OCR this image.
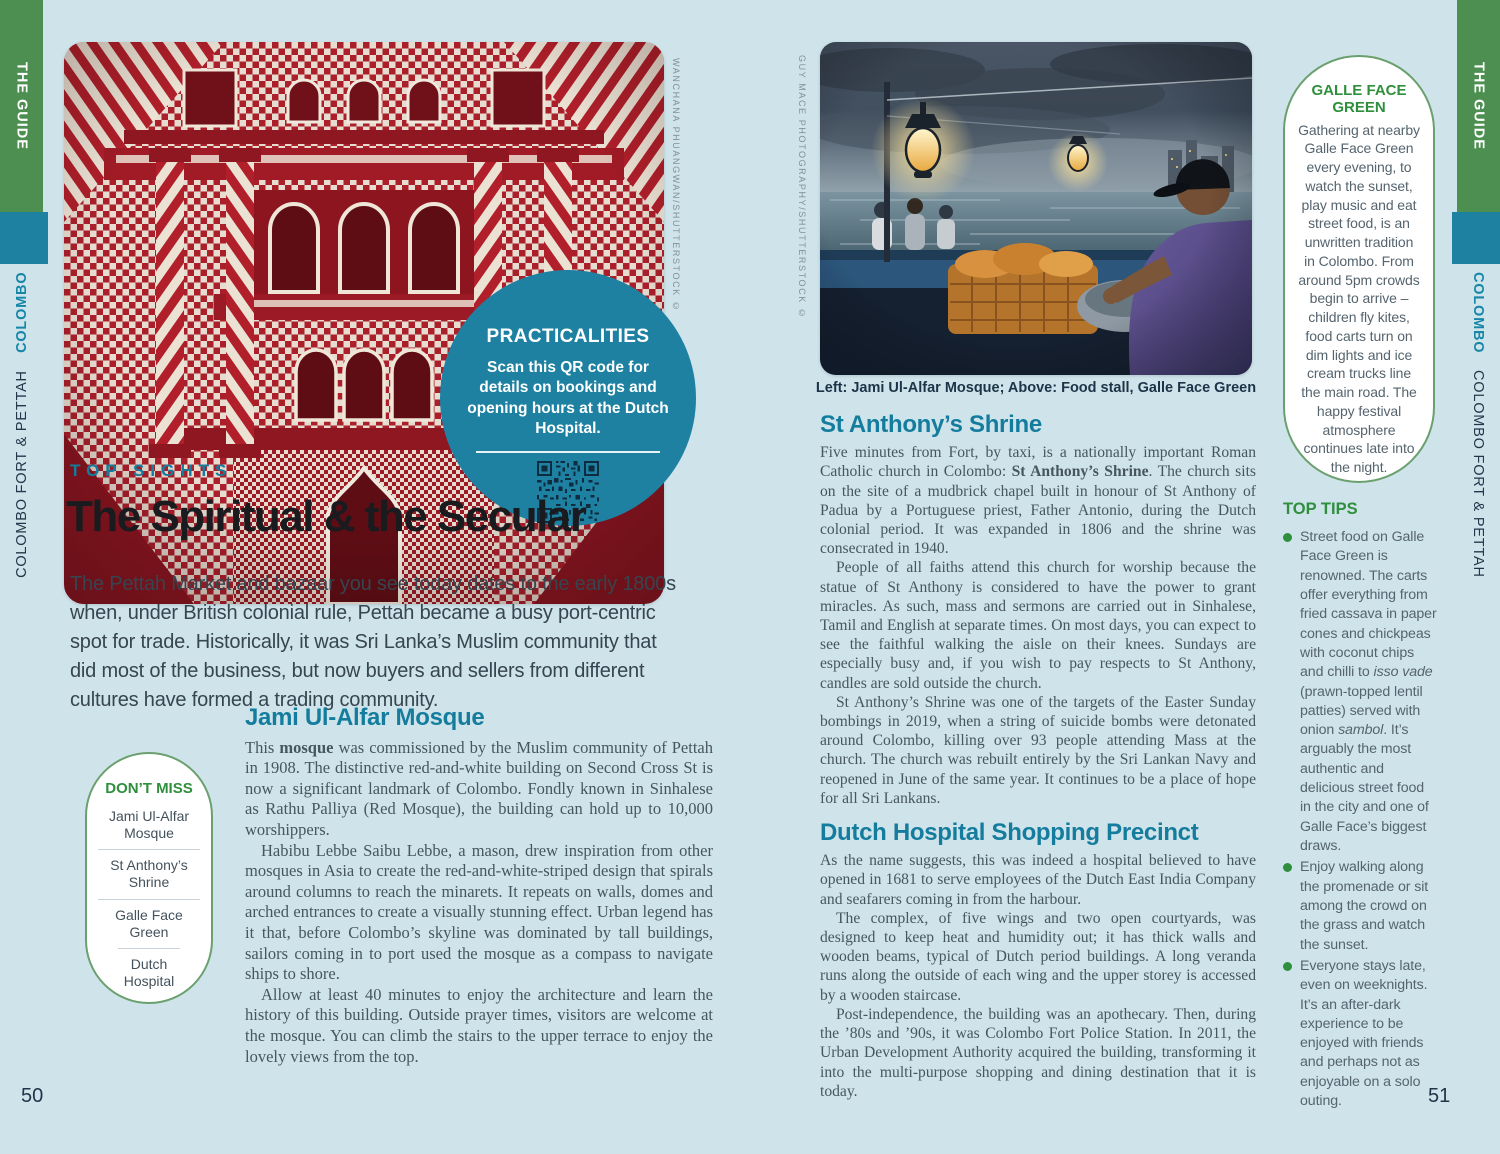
THE GUIDE
COLOMBO FORT & PETTAH COLOMBO
THE GUIDE
COLOMBO COLOMBO FORT & PETTAH
WANCHANA PHUANGWAN/SHUTTERSTOCK ©
PRACTICALITIES
Scan this QR code for details on bookings and opening hours at the Dutch Hospital.
TOP SIGHTS
The Spiritual & the Secular
The Pettah Market and bazaar you see today dates to the early 1800s when, under British colonial rule, Pettah became a busy port-centric spot for trade. Historically, it was Sri Lanka’s Muslim community that did most of the business, but now buyers and sellers from different cultures have formed a trading community.
Jami Ul-Alfar Mosque

This mosque was commissioned by the Muslim community of Pettah in 1908. The distinctive red-and-white building on Second Cross St is now a significant landmark of Colombo. Fondly known in Sinhalese as Rathu Palliya (Red Mosque), the building can hold up to 10,000 worshippers.

Habibu Lebbe Saibu Lebbe, a mason, drew inspiration from other mosques in Asia to create the red-and-white-striped design that spirals around columns to reach the minarets. It repeats on walls, domes and arched entrances to create a visually stunning effect. Urban legend has it that, before Colombo’s skyline was dominated by tall buildings, sailors coming in to port used the mosque as a compass to navigate ships to shore.

Allow at least 40 minutes to enjoy the architecture and learn the history of this building. Outside prayer times, visitors are welcome at the mosque. You can climb the stairs to the upper terrace to enjoy the lovely views from the top.

DON’T MISS
Jami Ul-Alfar Mosque
St Anthony’s Shrine
Galle Face Green
Dutch Hospital
GUY MACE PHOTOGRAPHY/SHUTTERSTOCK ©
Left: Jami Ul-Alfar Mosque; Above: Food stall, Galle Face Green
St Anthony’s Shrine

Five minutes from Fort, by taxi, is a nationally important Roman Catholic church in Colombo: St Anthony’s Shrine. The church sits on the site of a mudbrick chapel built in honour of St Anthony of Padua by a Portuguese priest, Father Antonio, during the Dutch colonial period. It was expanded in 1806 and the shrine was consecrated in 1940.

People of all faiths attend this church for worship because the statue of St Anthony is considered to have the power to grant miracles. As such, mass and sermons are carried out in Sinhalese, Tamil and English at separate times. On most days, you can expect to see the faithful walking the aisle on their knees. Sundays are especially busy and, if you wish to pay respects to St Anthony, candles are sold outside the church.

St Anthony’s Shrine was one of the targets of the Easter Sunday bombings in 2019, when a string of suicide bombs were detonated around Colombo, killing over 93 people attending Mass at the church. The church was rebuilt entirely by the Sri Lankan Navy and reopened in June of the same year. It continues to be a place of hope for all Sri Lankans.

Dutch Hospital Shopping Precinct

As the name suggests, this was indeed a hospital believed to have opened in 1681 to serve employees of the Dutch East India Company and seafarers coming in from the harbour.

The complex, of five wings and two open courtyards, was designed to keep heat and humidity out; it has thick walls and wooden beams, typical of Dutch period buildings. A long veranda runs along the outside of each wing and the upper storey is accessed by a wooden staircase.

Post-independence, the building was an apothecary. Then, during the ’80s and ’90s, it was Colombo Fort Police Station. In 2011, the Urban Development Authority acquired the building, transforming it into the multi-purpose shopping and dining destination that it is today.

GALLE FACE GREEN
Gathering at nearby Galle Face Green every evening, to watch the sunset, play music and eat street food, is an unwritten tradition in Colombo. From around 5pm crowds begin to arrive – children fly kites, food carts turn on dim lights and ice cream trucks line the main road. The happy festival atmosphere continues late into the night.
TOP TIPS
Street food on Galle Face Green is renowned. The carts offer everything from fried cassava in paper cones and chickpeas with coconut chips and chilli to isso vade (prawn-topped lentil patties) served with onion sambol. It’s arguably the most authentic and delicious street food in the city and one of Galle Face’s biggest draws.
Enjoy walking along the promenade or sit among the crowd on the grass and watch the sunset.
Everyone stays late, even on weeknights. It’s an after-dark experience to be enjoyed with friends and perhaps not as enjoyable on a solo outing.
50	51
